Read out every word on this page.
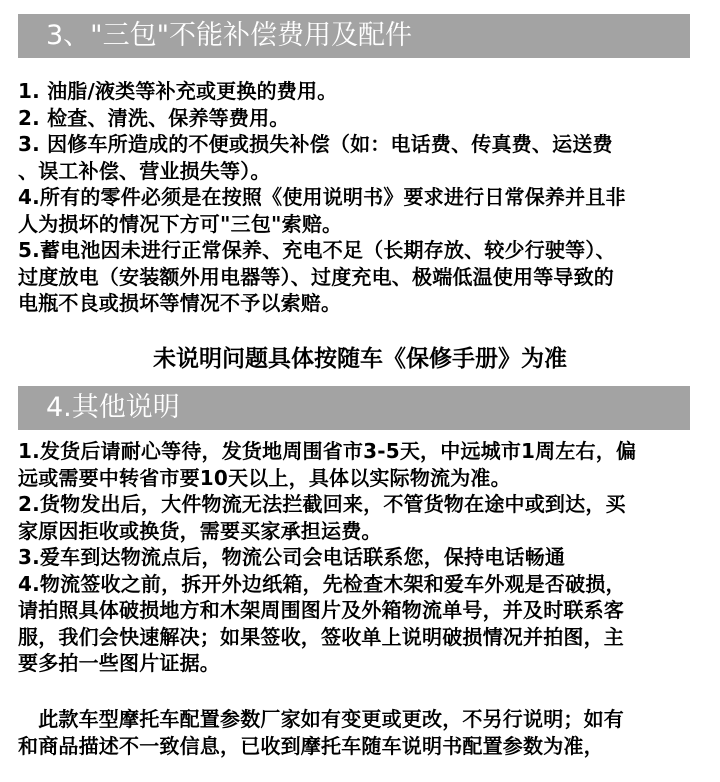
3、"三包"不能补偿费用及配件
1. 油脂/液类等补充或更换的费用。
2. 检查、清洗、保养等费用。
3. 因修车所造成的不便或损失补偿（如：电话费、传真费、运送费
、误工补偿、营业损失等）。
4.所有的零件必须是在按照《使用说明书》要求进行日常保养并且非
人为损坏的情况下方可"三包"索赔。
5.蓄电池因未进行正常保养、充电不足（长期存放、较少行驶等）、
过度放电（安装额外用电器等）、过度充电、极端低温使用等导致的
电瓶不良或损坏等情况不予以索赔。
未说明问题具体按随车《保修手册》为准
4.其他说明
1.发货后请耐心等待，发货地周围省市3-5天，中远城市1周左右，偏
远或需要中转省市要10天以上，具体以实际物流为准。
2.货物发出后，大件物流无法拦截回来，不管货物在途中或到达，买
家原因拒收或换货，需要买家承担运费。
3.爱车到达物流点后，物流公司会电话联系您，保持电话畅通
4.物流签收之前，拆开外边纸箱，先检查木架和爱车外观是否破损，
请拍照具体破损地方和木架周围图片及外箱物流单号，并及时联系客
服，我们会快速解决；如果签收，签收单上说明破损情况并拍图，主
要多拍一些图片证据。
　此款车型摩托车配置参数厂家如有变更或更改，不另行说明；如有
和商品描述不一致信息，已收到摩托车随车说明书配置参数为准，
